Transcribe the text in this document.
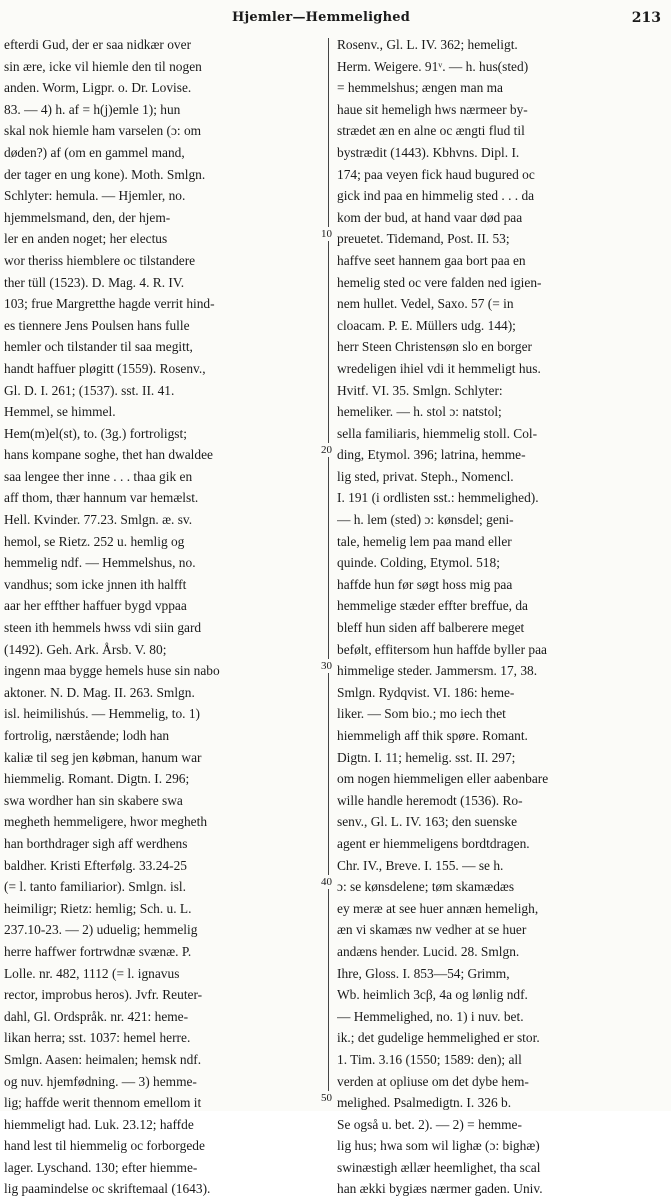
Hjemler—Hemmelighed	213
efterdi Gud, der er saa nidkær over
sin ære, icke vil hiemle den til nogen
anden. Worm, Ligpr. o. Dr. Lovise.
83. — 4) h. af = h(j)emle 1); hun
skal nok hiemle ham varselen (ɔ: om
døden?) af (om en gammel mand,
der tager en ung kone). Moth. Smlgn.
Schlyter: hemula. — Hjemler, no.
hjemmelsmand, den, der hjem-
ler en anden noget; her electus
wor theriss hiemblere oc tilstandere
ther tüll (1523). D. Mag. 4. R. IV.
103; frue Margretthe hagde verrit hind-
es tiennere Jens Poulsen hans fulle
hemler och tilstander til saa megitt,
handt haffuer pløgitt (1559). Rosenv.,
Gl. D. I. 261; (1537). sst. II. 41.
Hemmel, se himmel.
Hem(m)el(st), to. (3g.) fortroligst;
hans kompane soghe, thet han dwaldee
saa lengee ther inne . . . thaa gik en
aff thom, thær hannum var hemælst.
Hell. Kvinder. 77.23. Smlgn. æ. sv.
hemol, se Rietz. 252 u. hemlig og
hemmelig ndf. — Hemmelshus, no.
vandhus; som icke jnnen ith halfft
aar her effther haffuer bygd vppaa
steen ith hemmels hwss vdi siin gard
(1492). Geh. Ark. Årsb. V. 80;
ingenn maa bygge hemels huse sin nabo
aktoner. N. D. Mag. II. 263. Smlgn.
isl. heimilishús. — Hemmelig, to. 1)
fortrolig, nærstående; lodh han
kaliæ til seg jen købman, hanum war
hiemmelig. Romant. Digtn. I. 296;
swa wordher han sin skabere swa
megheth hemmeligere, hwor megheth
han borthdrager sigh aff werdhens
baldher. Kristi Efterfølg. 33.24-25
(= l. tanto familiarior). Smlgn. isl.
heimiligr; Rietz: hemlig; Sch. u. L.
237.10-23. — 2) uduelig; hemmelig
herre haffwer fortrwdnæ svænæ. P.
Lolle. nr. 482, 1112 (= l. ignavus
rector, improbus heros). Jvfr. Reuter-
dahl, Gl. Ordspråk. nr. 421: heme-
likan herra; sst. 1037: hemel herre.
Smlgn. Aasen: heimalen; hemsk ndf.
og nuv. hjemfødning. — 3) hemme-
lig; haffde werit thennom emellom it
hiemmeligt had. Luk. 23.12; haffde
hand lest til hiemmelig oc forborgede
lager. Lyschand. 130; efter hiemme-
lig paamindelse oc skriftemaal (1643).
Rosenv., Gl. L. IV. 362; hemeligt.
Herm. Weigere. 91ᵛ. — h. hus(sted)
= hemmelshus; ængen man ma
haue sit hemeligh hws nærmeer by-
strædet æn en alne oc ængti flud til
bystrædit (1443). Kbhvns. Dipl. I.
174; paa veyen fick haud bugured oc
gick ind paa en himmelig sted . . . da
kom der bud, at hand vaar død paa
preuetet. Tidemand, Post. II. 53;
haffve seet hannem gaa bort paa en
hemelig sted oc vere falden ned igien-
nem hullet. Vedel, Saxo. 57 (= in
cloacam. P. E. Müllers udg. 144);
herr Steen Christensøn slo en borger
wredeligen ihiel vdi it hemmeligt hus.
Hvitf. VI. 35. Smlgn. Schlyter:
hemeliker. — h. stol ɔ: natstol;
sella familiaris, hiemmelig stoll. Col-
ding, Etymol. 396; latrina, hemme-
lig sted, privat. Steph., Nomencl.
I. 191 (i ordlisten sst.: hemmelighed).
— h. lem (sted) ɔ: kønsdel; geni-
tale, hemelig lem paa mand eller
quinde. Colding, Etymol. 518;
haffde hun før søgt hoss mig paa
hemmelige stæder effter breffue, da
bleff hun siden aff balberere meget
befølt, effitersom hun haffde byller paa
himmelige steder. Jammersm. 17, 38.
Smlgn. Rydqvist. VI. 186: heme-
liker. — Som bio.; mo iech thet
hiemmeligh aff thik spøre. Romant.
Digtn. I. 11; hemelig. sst. II. 297;
om nogen hiemmeligen eller aabenbare
wille handle heremodt (1536). Ro-
senv., Gl. L. IV. 163; den suenske
agent er hiemmeligens bordtdragen.
Chr. IV., Breve. I. 155. — se h.
ɔ: se kønsdelene; tøm skamædæs
ey meræ at see huer annæn hemeligh,
æn vi skamæs nw vedher at se huer
andæns hender. Lucid. 28. Smlgn.
Ihre, Gloss. I. 853—54; Grimm,
Wb. heimlich 3cβ, 4a og lønlig ndf.
— Hemmelighed, no. 1) i nuv. bet.
ik.; det gudelige hemmelighed er stor.
1. Tim. 3.16 (1550; 1589: den); all
verden at opliuse om det dybe hem-
melighed. Psalmedigtn. I. 326 b.
Se også u. bet. 2). — 2) = hemme-
lig hus; hwa som wil lighæ (ɔ: bighæ)
swinæstigh ællær heemlighet, tha scal
han ækki bygiæs nærmer gaden. Univ.
10
20
30
40
50
